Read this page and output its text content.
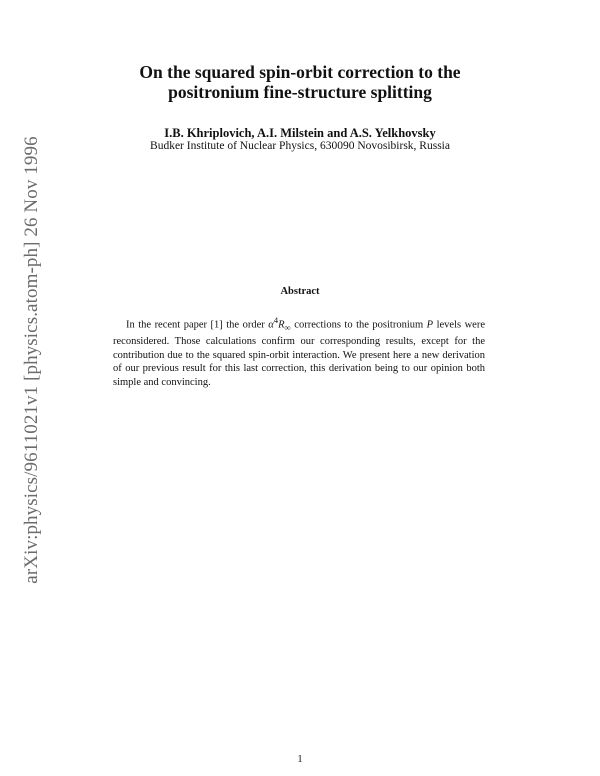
arXiv:physics/9611021v1 [physics.atom-ph] 26 Nov 1996
On the squared spin-orbit correction to the
positronium fine-structure splitting
I.B. Khriplovich, A.I. Milstein and A.S. Yelkhovsky
Budker Institute of Nuclear Physics, 630090 Novosibirsk, Russia
Abstract

In the recent paper [1] the order $\alpha^4R_\infty$ corrections to the positronium P levels were reconsidered. Those calculations confirm our corresponding results, except for the contribution due to the squared spin-orbit interaction. We present here a new derivation of our previous result for this last correction, this derivation being to our opinion both simple and convincing.

1
